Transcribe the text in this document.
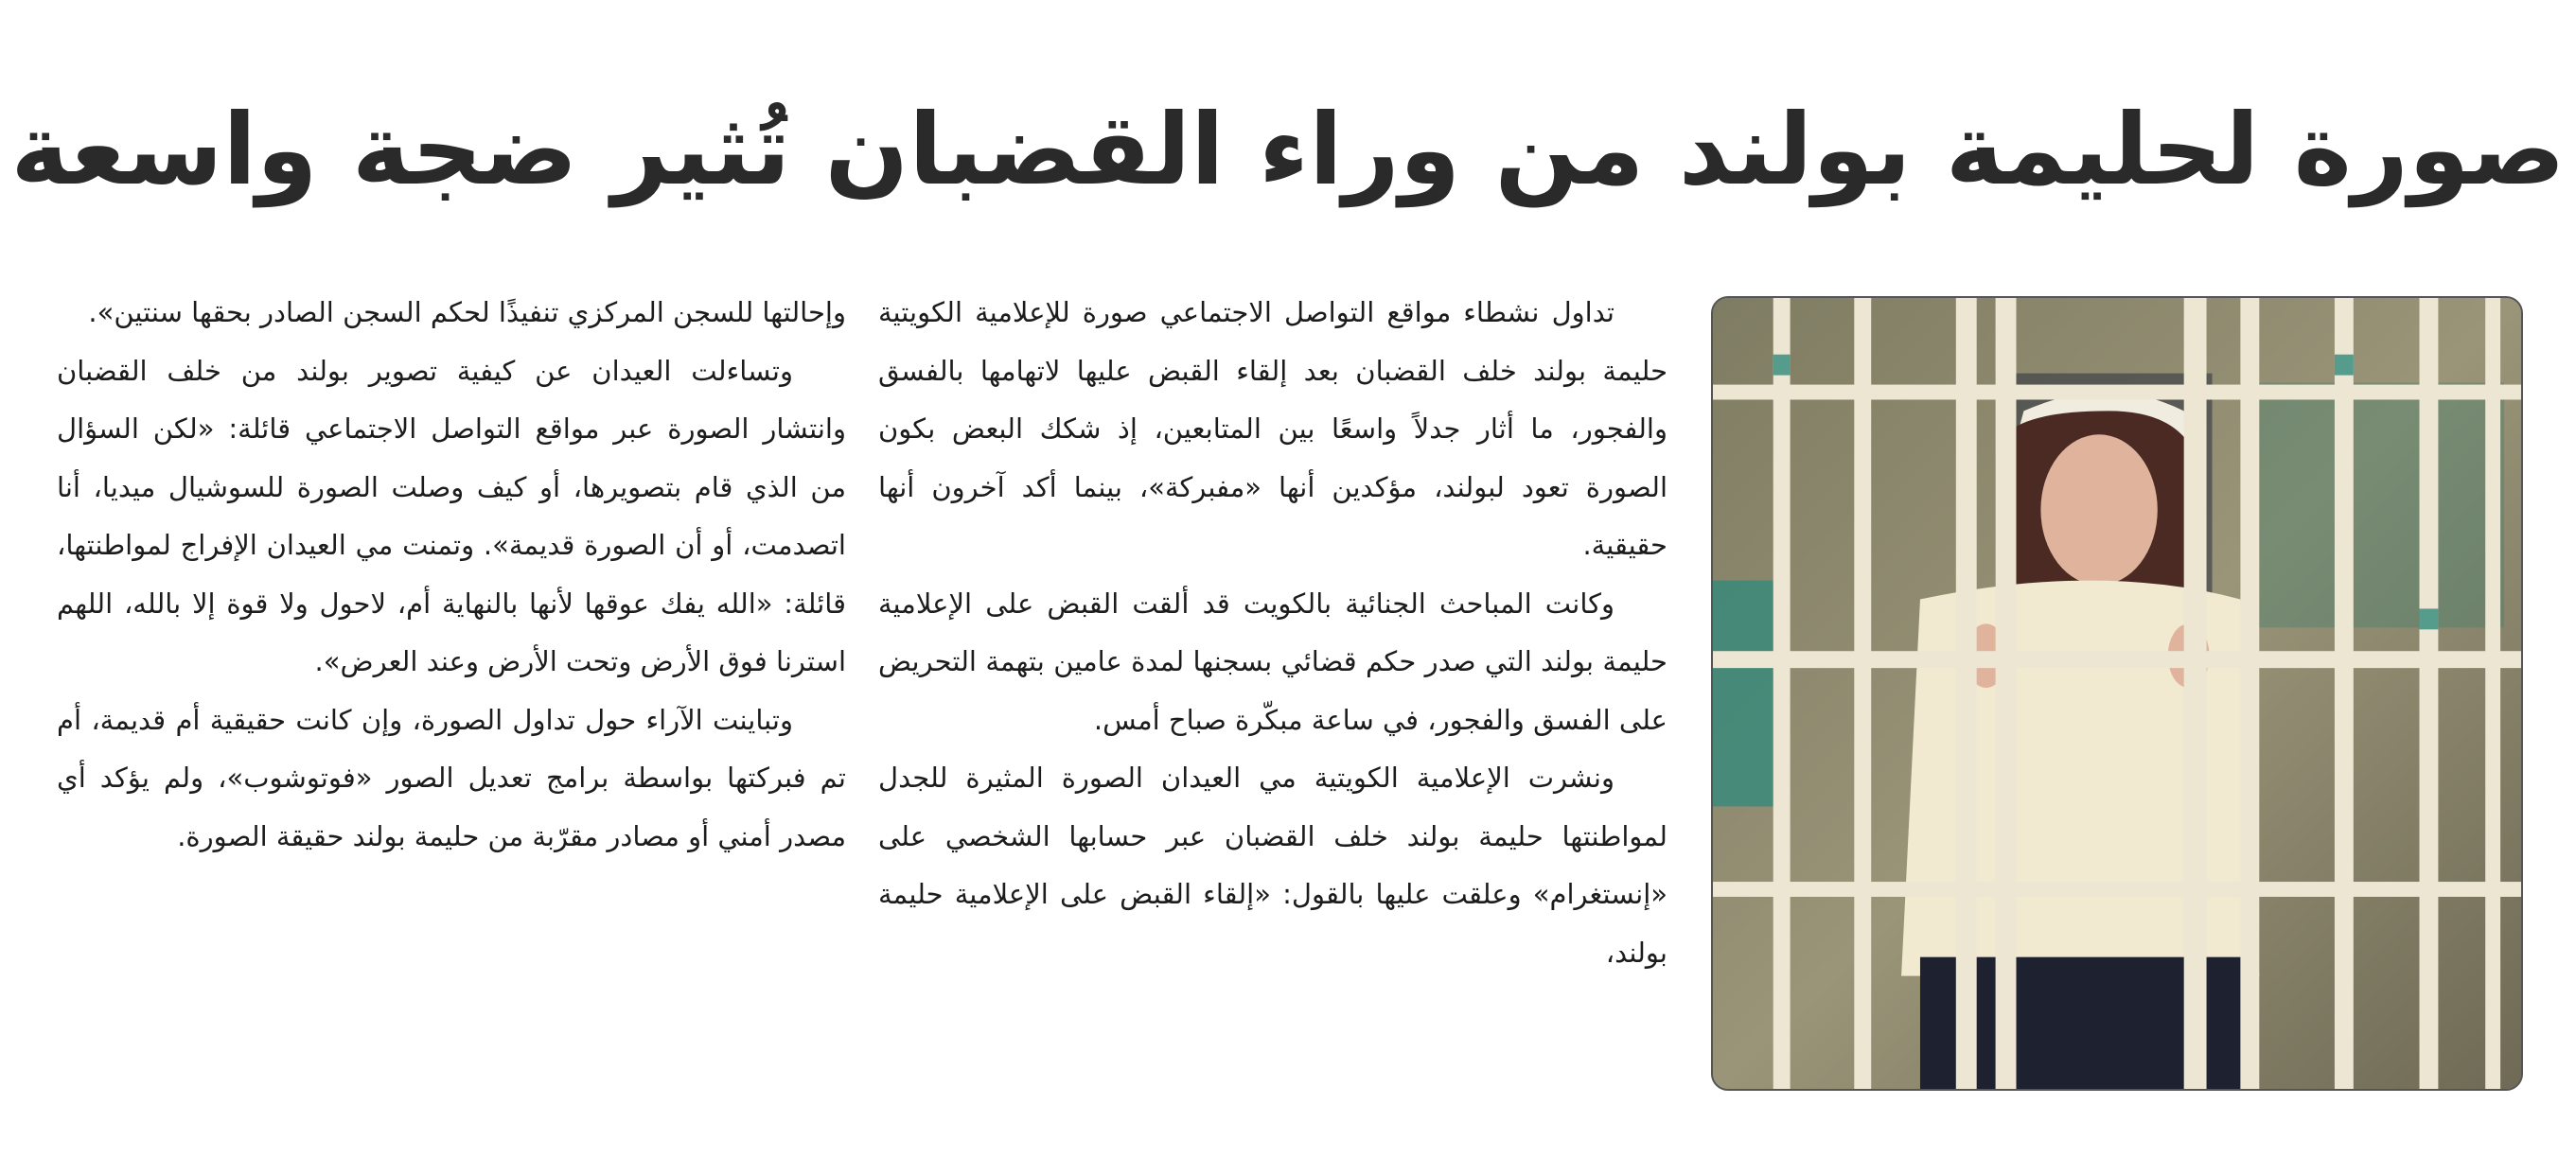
صورة لحليمة بولند من وراء القضبان تُثير ضجة واسعة

تداول نشطاء مواقع التواصل الاجتماعي صورة للإعلامية الكويتية حليمة بولند خلف القضبان بعد إلقاء القبض عليها لاتهامها بالفسق والفجور، ما أثار جدلاً واسعًا بين المتابعين، إذ شكك البعض بكون الصورة تعود لبولند، مؤكدين أنها «مفبركة»، بينما أكد آخرون أنها حقيقية.

وكانت المباحث الجنائية بالكويت قد ألقت القبض على الإعلامية حليمة بولند التي صدر حكم قضائي بسجنها لمدة عامين بتهمة التحريض على الفسق والفجور، في ساعة مبكّرة صباح أمس.

ونشرت الإعلامية الكويتية مي العيدان الصورة المثيرة للجدل لمواطنتها حليمة بولند خلف القضبان عبر حسابها الشخصي على «إنستغرام» وعلقت عليها بالقول: «إلقاء القبض على الإعلامية حليمة بولند،

وإحالتها للسجن المركزي تنفيذًا لحكم السجن الصادر بحقها سنتين».

وتساءلت العيدان عن كيفية تصوير بولند من خلف القضبان وانتشار الصورة عبر مواقع التواصل الاجتماعي قائلة: «لكن السؤال من الذي قام بتصويرها، أو كيف وصلت الصورة للسوشيال ميديا، أنا اتصدمت، أو أن الصورة قديمة». وتمنت مي العيدان الإفراج لمواطنتها، قائلة: «الله يفك عوقها لأنها بالنهاية أم، لاحول ولا قوة إلا بالله، اللهم استرنا فوق الأرض وتحت الأرض وعند العرض».

وتباينت الآراء حول تداول الصورة، وإن كانت حقيقية أم قديمة، أم تم فبركتها بواسطة برامج تعديل الصور «فوتوشوب»، ولم يؤكد أي مصدر أمني أو مصادر مقرّبة من حليمة بولند حقيقة الصورة.
